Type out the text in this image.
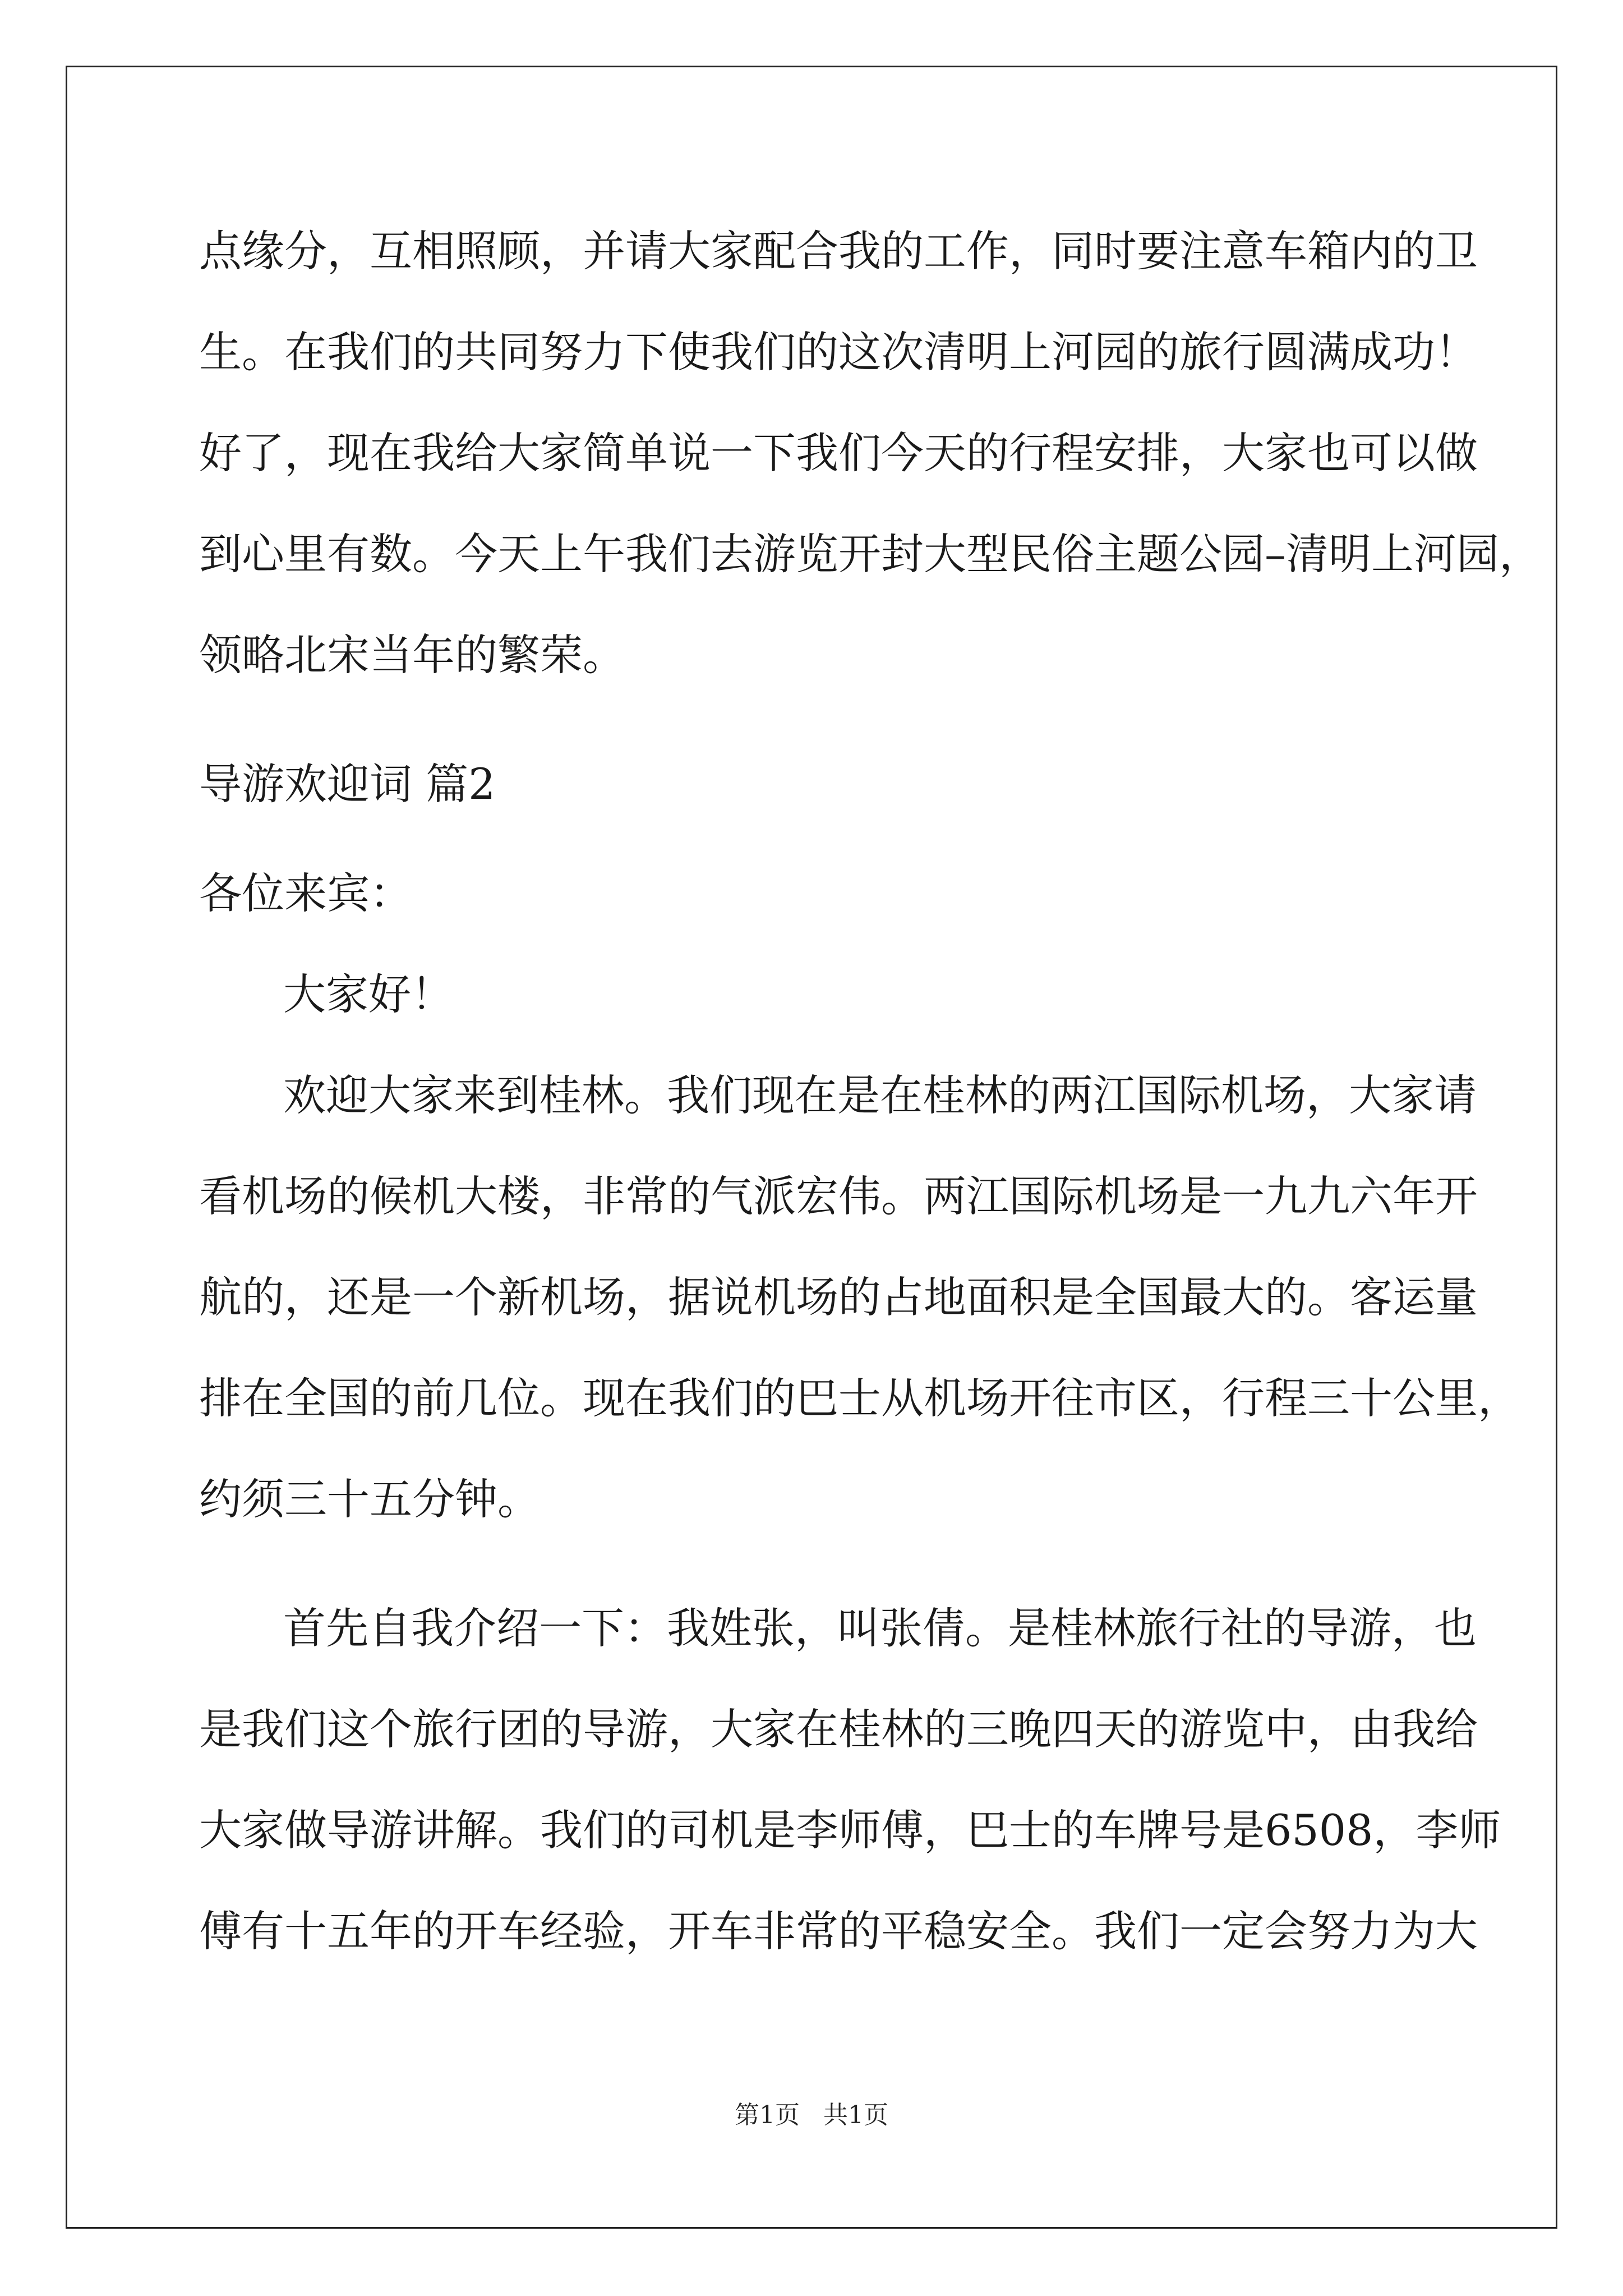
点缘分，互相照顾，并请大家配合我的工作，同时要注意车箱内的卫
生。在我们的共同努力下使我们的这次清明上河园的旅行圆满成功！
好了，现在我给大家简单说一下我们今天的行程安排，大家也可以做
到心里有数。今天上午我们去游览开封大型民俗主题公园–清明上河园，
领略北宋当年的繁荣。
导游欢迎词 篇2
各位来宾：
大家好！
欢迎大家来到桂林。我们现在是在桂林的两江国际机场，大家请
看机场的候机大楼，非常的气派宏伟。两江国际机场是一九九六年开
航的，还是一个新机场，据说机场的占地面积是全国最大的。客运量
排在全国的前几位。现在我们的巴士从机场开往市区，行程三十公里，
约须三十五分钟。
首先自我介绍一下：我姓张，叫张倩。是桂林旅行社的导游，也
是我们这个旅行团的导游，大家在桂林的三晚四天的游览中，由我给
大家做导游讲解。我们的司机是李师傅，巴士的车牌号是6508，李师
傅有十五年的开车经验，开车非常的平稳安全。我们一定会努力为大
第1页 共1页
